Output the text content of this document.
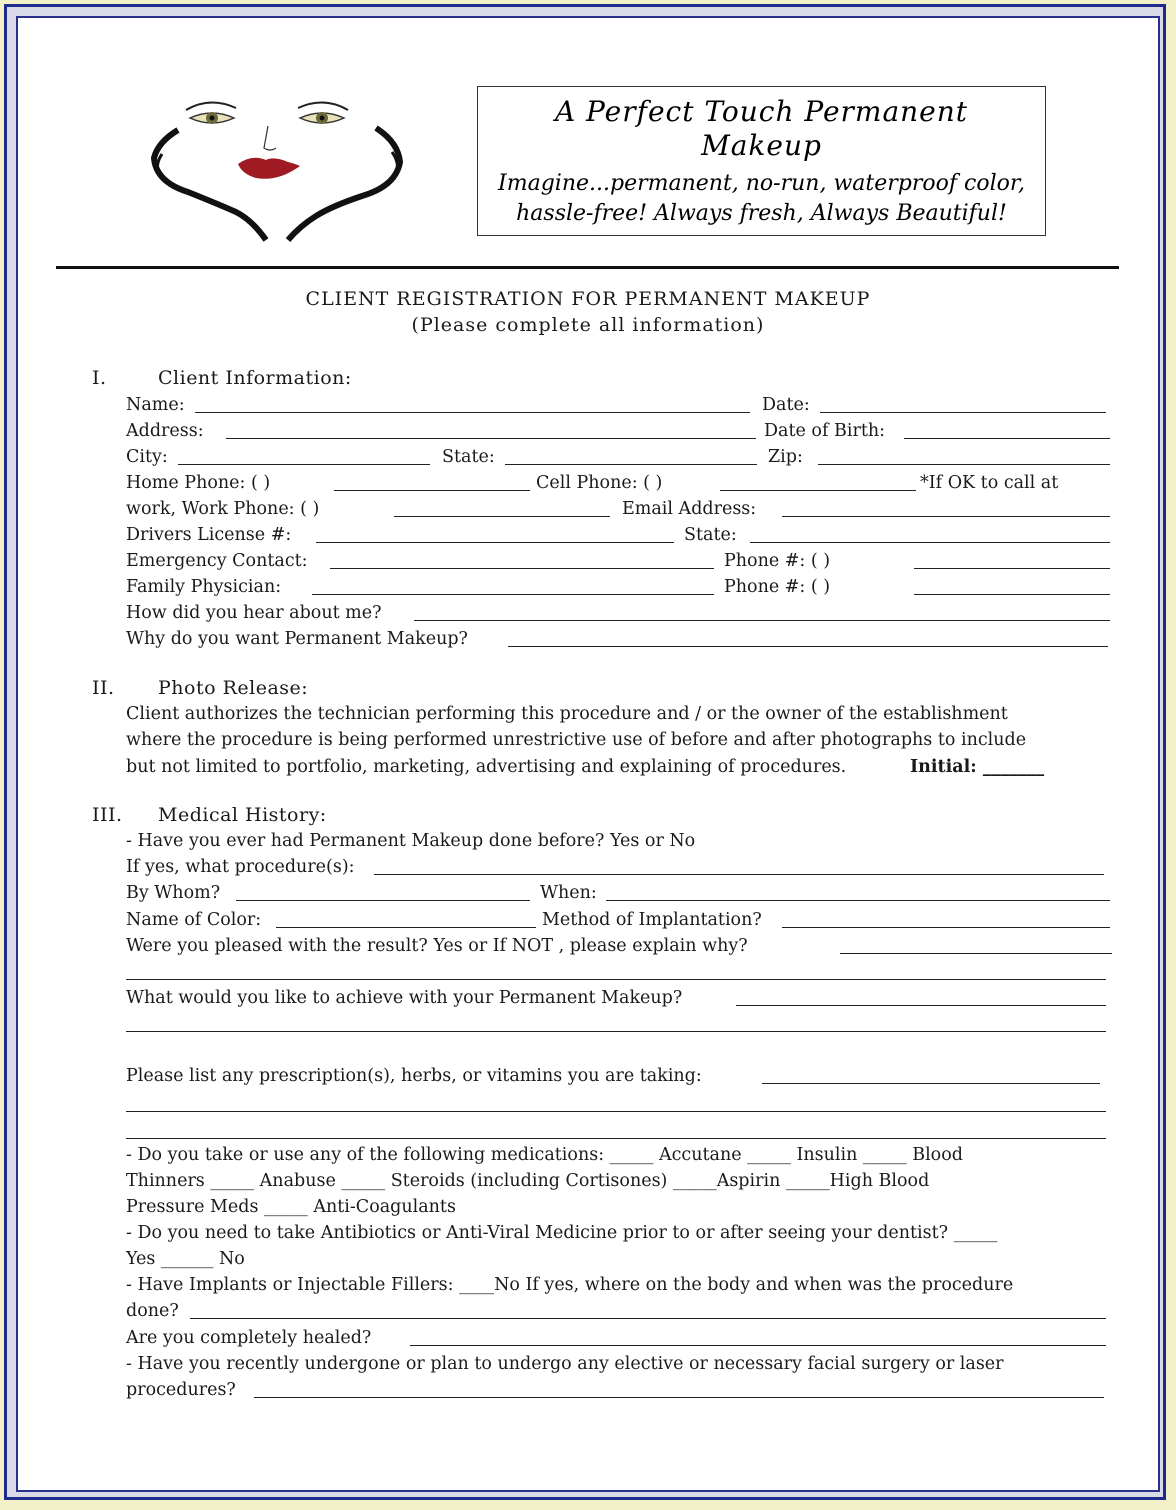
A Perfect Touch Permanent Makeup
Imagine...permanent, no-run, waterproof color, hassle-free! Always fresh, Always Beautiful!
CLIENT REGISTRATION FOR PERMANENT MAKEUP
(Please complete all information)
I.	Client Information:
Name:	Date:
Address:	Date of Birth:
City:	State:	Zip:
Home Phone: ( )	Cell Phone: ( )	*If OK to call at
work, Work Phone: ( )	Email Address:
Drivers License #:	State:
Emergency Contact:	Phone #: ( )
Family Physician:	Phone #: ( )
How did you hear about me?
Why do you want Permanent Makeup?
II. Photo Release:
Client authorizes the technician performing this procedure and / or the owner of the establishment
where the procedure is being performed unrestrictive use of before and after photographs to include
but not limited to portfolio, marketing, advertising and explaining of procedures.	Initial: _______
III. Medical History:
- Have you ever had Permanent Makeup done before? Yes or No
If yes, what procedure(s):
By Whom?	When:
Name of Color:	Method of Implantation?
Were you pleased with the result? Yes or If NOT , please explain why?
What would you like to achieve with your Permanent Makeup?
Please list any prescription(s), herbs, or vitamins you are taking:
- Do you take or use any of the following medications: _____ Accutane _____ Insulin _____ Blood
Thinners _____ Anabuse _____ Steroids (including Cortisones) _____Aspirin _____High Blood
Pressure Meds _____ Anti-Coagulants
- Do you need to take Antibiotics or Anti-Viral Medicine prior to or after seeing your dentist? _____
Yes ______ No
- Have Implants or Injectable Fillers: ____No If yes, where on the body and when was the procedure
done?
Are you completely healed?
- Have you recently undergone or plan to undergo any elective or necessary facial surgery or laser
procedures?
